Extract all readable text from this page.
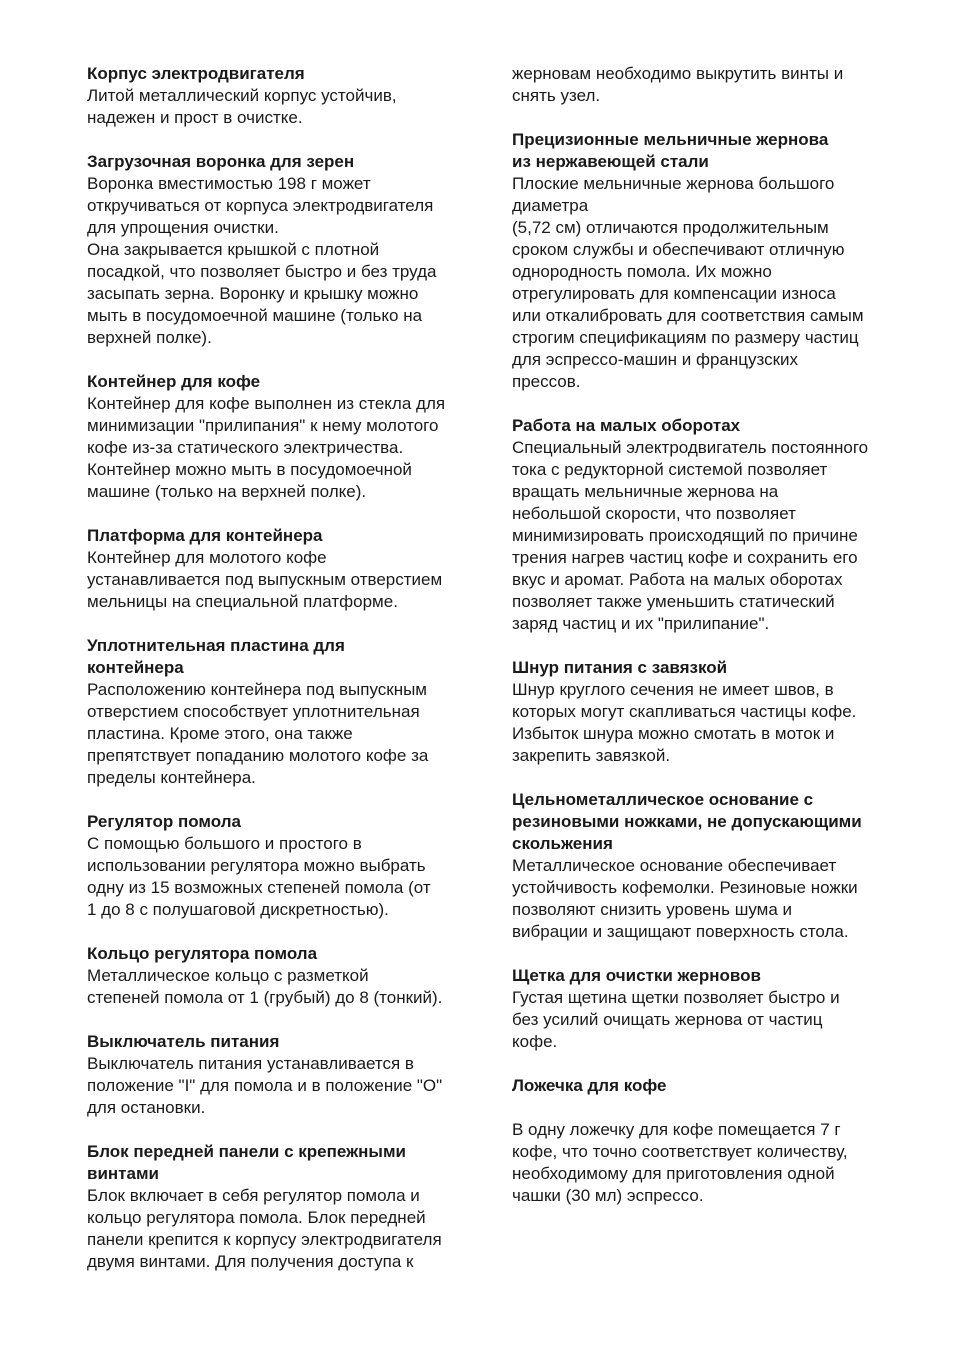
Корпус электродвигателя

Литой металлический корпус устойчив,
надежен и прост в очистке.

Загрузочная воронка для зерен

Воронка вместимостью 198 г может
откручиваться от корпуса электродвигателя
для упрощения очистки.
Она закрывается крышкой с плотной
посадкой, что позволяет быстро и без труда
засыпать зерна. Воронку и крышку можно
мыть в посудомоечной машине (только на
верхней полке).

Контейнер для кофе

Контейнер для кофе выполнен из стекла для
минимизации "прилипания" к нему молотого
кофе из-за статического электричества.
Контейнер можно мыть в посудомоечной
машине (только на верхней полке).

Платформа для контейнера

Контейнер для молотого кофе
устанавливается под выпускным отверстием
мельницы на специальной платформе.

Уплотнительная пластина для
контейнера

Расположению контейнера под выпускным
отверстием способствует уплотнительная
пластина. Кроме этого, она также
препятствует попаданию молотого кофе за
пределы контейнера.

Регулятор помола

С помощью большого и простого в
использовании регулятора можно выбрать
одну из 15 возможных степеней помола (от
1 до 8 с полушаговой дискретностью).

Кольцо регулятора помола

Металлическое кольцо с разметкой
степеней помола от 1 (грубый) до 8 (тонкий).

Выключатель питания

Выключатель питания устанавливается в
положение "I" для помола и в положение "O"
для остановки.

Блок передней панели с крепежными
винтами

Блок включает в себя регулятор помола и
кольцо регулятора помола. Блок передней
панели крепится к корпусу электродвигателя
двумя винтами. Для получения доступа к

жерновам необходимо выкрутить винты и
снять узел.

Прецизионные мельничные жернова
из нержавеющей стали

Плоские мельничные жернова большого
диаметра
(5,72 см) отличаются продолжительным
сроком службы и обеспечивают отличную
однородность помола. Их можно
отрегулировать для компенсации износа
или откалибровать для соответствия самым
строгим спецификациям по размеру частиц
для эспрессо-машин и французских
прессов.

Работа на малых оборотах

Специальный электродвигатель постоянного
тока с редукторной системой позволяет
вращать мельничные жернова на
небольшой скорости, что позволяет
минимизировать происходящий по причине
трения нагрев частиц кофе и сохранить его
вкус и аромат. Работа на малых оборотах
позволяет также уменьшить статический
заряд частиц и их "прилипание".

Шнур питания с завязкой

Шнур круглого сечения не имеет швов, в
которых могут скапливаться частицы кофе.
Избыток шнура можно смотать в моток и
закрепить завязкой.

Цельнометаллическое основание с
резиновыми ножками, не допускающими
скольжения

Металлическое основание обеспечивает
устойчивость кофемолки. Резиновые ножки
позволяют снизить уровень шума и
вибрации и защищают поверхность стола.

Щетка для очистки жерновов

Густая щетина щетки позволяет быстро и
без усилий очищать жернова от частиц
кофе.

Ложечка для кофе

В одну ложечку для кофе помещается 7 г
кофе, что точно соответствует количеству,
необходимому для приготовления одной
чашки (30 мл) эспрессо.
